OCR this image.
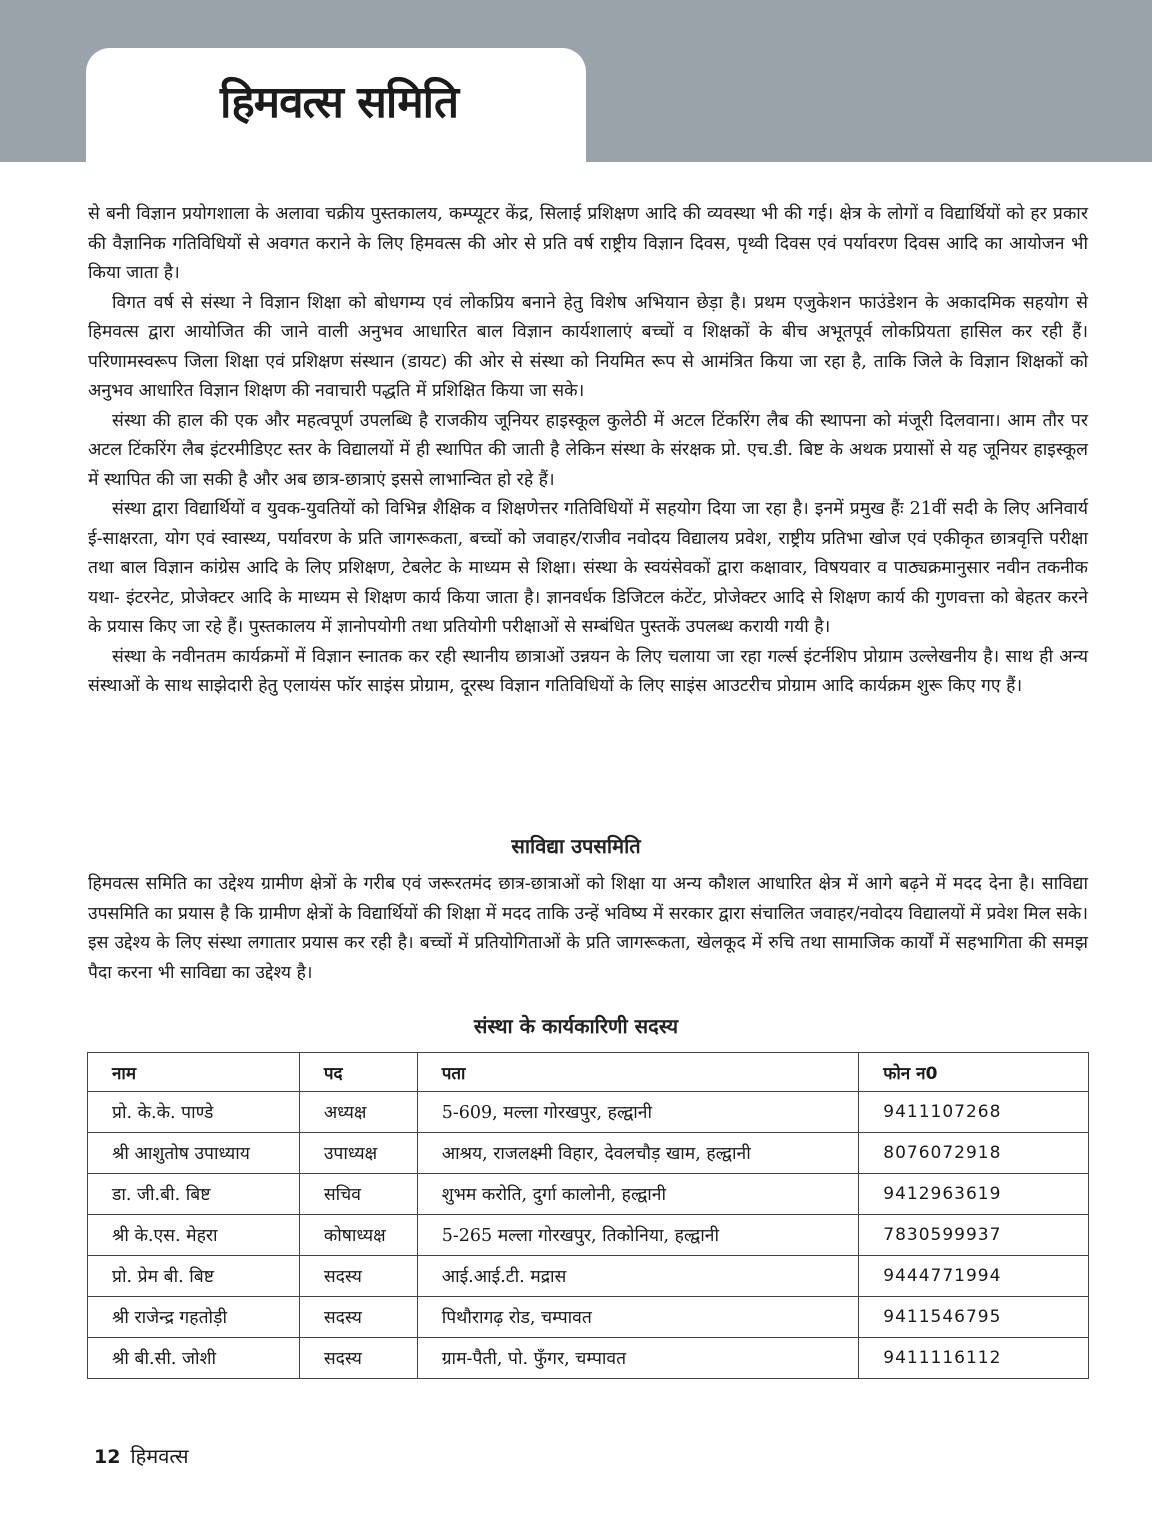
हिमवत्स समिति

से बनी विज्ञान प्रयोगशाला के अलावा चक्रीय पुस्तकालय, कम्प्यूटर केंद्र, सिलाई प्रशिक्षण आदि की व्यवस्था भी की गई। क्षेत्र के लोगों व विद्यार्थियों को हर प्रकार की वैज्ञानिक गतिविधियों से अवगत कराने के लिए हिमवत्स की ओर से प्रति वर्ष राष्ट्रीय विज्ञान दिवस, पृथ्वी दिवस एवं पर्यावरण दिवस आदि का आयोजन भी किया जाता है।

विगत वर्ष से संस्था ने विज्ञान शिक्षा को बोधगम्य एवं लोकप्रिय बनाने हेतु विशेष अभियान छेड़ा है। प्रथम एजुकेशन फाउंडेशन के अकादमिक सहयोग से हिमवत्स द्वारा आयोजित की जाने वाली अनुभव आधारित बाल विज्ञान कार्यशालाएं बच्चों व शिक्षकों के बीच अभूतपूर्व लोकप्रियता हासिल कर रही हैं। परिणामस्वरूप जिला शिक्षा एवं प्रशिक्षण संस्थान (डायट) की ओर से संस्था को नियमित रूप से आमंत्रित किया जा रहा है, ताकि जिले के विज्ञान शिक्षकों को अनुभव आधारित विज्ञान शिक्षण की नवाचारी पद्धति में प्रशिक्षित किया जा सके।

संस्था की हाल की एक और महत्वपूर्ण उपलब्धि है राजकीय जूनियर हाइस्कूल कुलेठी में अटल टिंकरिंग लैब की स्थापना को मंजूरी दिलवाना। आम तौर पर अटल टिंकरिंग लैब इंटरमीडिएट स्तर के विद्यालयों में ही स्थापित की जाती है लेकिन संस्था के संरक्षक प्रो. एच.डी. बिष्ट के अथक प्रयासों से यह जूनियर हाइस्कूल में स्थापित की जा सकी है और अब छात्र-छात्राएं इससे लाभान्वित हो रहे हैं।

संस्था द्वारा विद्यार्थियों व युवक-युवतियों को विभिन्न शैक्षिक व शिक्षणेत्तर गतिविधियों में सहयोग दिया जा रहा है। इनमें प्रमुख हैंः 21वीं सदी के लिए अनिवार्य ई-साक्षरता, योग एवं स्वास्थ्य, पर्यावरण के प्रति जागरूकता, बच्चों को जवाहर/राजीव नवोदय विद्यालय प्रवेश, राष्ट्रीय प्रतिभा खोज एवं एकीकृत छात्रवृत्ति परीक्षा तथा बाल विज्ञान कांग्रेस आदि के लिए प्रशिक्षण, टेबलेट के माध्यम से शिक्षा। संस्था के स्वयंसेवकों द्वारा कक्षावार, विषयवार व पाठ्यक्रमानुसार नवीन तकनीक यथा- इंटरनेट, प्रोजेक्टर आदि के माध्यम से शिक्षण कार्य किया जाता है। ज्ञानवर्धक डिजिटल कंटेंट, प्रोजेक्टर आदि से शिक्षण कार्य की गुणवत्ता को बेहतर करने के प्रयास किए जा रहे हैं। पुस्तकालय में ज्ञानोपयोगी तथा प्रतियोगी परीक्षाओं से सम्बंधित पुस्तकें उपलब्ध करायी गयी है।

संस्था के नवीनतम कार्यक्रमों में विज्ञान स्नातक कर रही स्थानीय छात्राओं उन्नयन के लिए चलाया जा रहा गर्ल्स इंटर्नशिप प्रोग्राम उल्लेखनीय है। साथ ही अन्य संस्थाओं के साथ साझेदारी हेतु एलायंस फॉर साइंस प्रोग्राम, दूरस्थ विज्ञान गतिविधियों के लिए साइंस आउटरीच प्रोग्राम आदि कार्यक्रम शुरू किए गए हैं।

साविद्या उपसमिति

हिमवत्स समिति का उद्देश्य ग्रामीण क्षेत्रों के गरीब एवं जरूरतमंद छात्र-छात्राओं को शिक्षा या अन्य कौशल आधारित क्षेत्र में आगे बढ़ने में मदद देना है। साविद्या उपसमिति का प्रयास है कि ग्रामीण क्षेत्रों के विद्यार्थियों की शिक्षा में मदद ताकि उन्हें भविष्य में सरकार द्वारा संचालित जवाहर/नवोदय विद्यालयों में प्रवेश मिल सके। इस उद्देश्य के लिए संस्था लगातार प्रयास कर रही है। बच्चों में प्रतियोगिताओं के प्रति जागरूकता, खेलकूद में रुचि तथा सामाजिक कार्यों में सहभागिता की समझ पैदा करना भी साविद्या का उद्देश्य है।

संस्था के कार्यकारिणी सदस्य
नाम	पद	पता	फोन न0
प्रो. के.के. पाण्डे	अध्यक्ष	5-609, मल्ला गोरखपुर, हल्द्वानी	9411107268
श्री आशुतोष उपाध्याय	उपाध्यक्ष	आश्रय, राजलक्ष्मी विहार, देवलचौड़ खाम, हल्द्वानी	8076072918
डा. जी.बी. बिष्ट	सचिव	शुभम करोति, दुर्गा कालोनी, हल्द्वानी	9412963619
श्री के.एस. मेहरा	कोषाध्यक्ष	5-265 मल्ला गोरखपुर, तिकोनिया, हल्द्वानी	7830599937
प्रो. प्रेम बी. बिष्ट	सदस्य	आई.आई.टी. मद्रास	9444771994
श्री राजेन्द्र गहतोड़ी	सदस्य	पिथौरागढ़ रोड, चम्पावत	9411546795
श्री बी.सी. जोशी	सदस्य	ग्राम-पैती, पो. फुँगर, चम्पावत	9411116112
12 हिमवत्स
